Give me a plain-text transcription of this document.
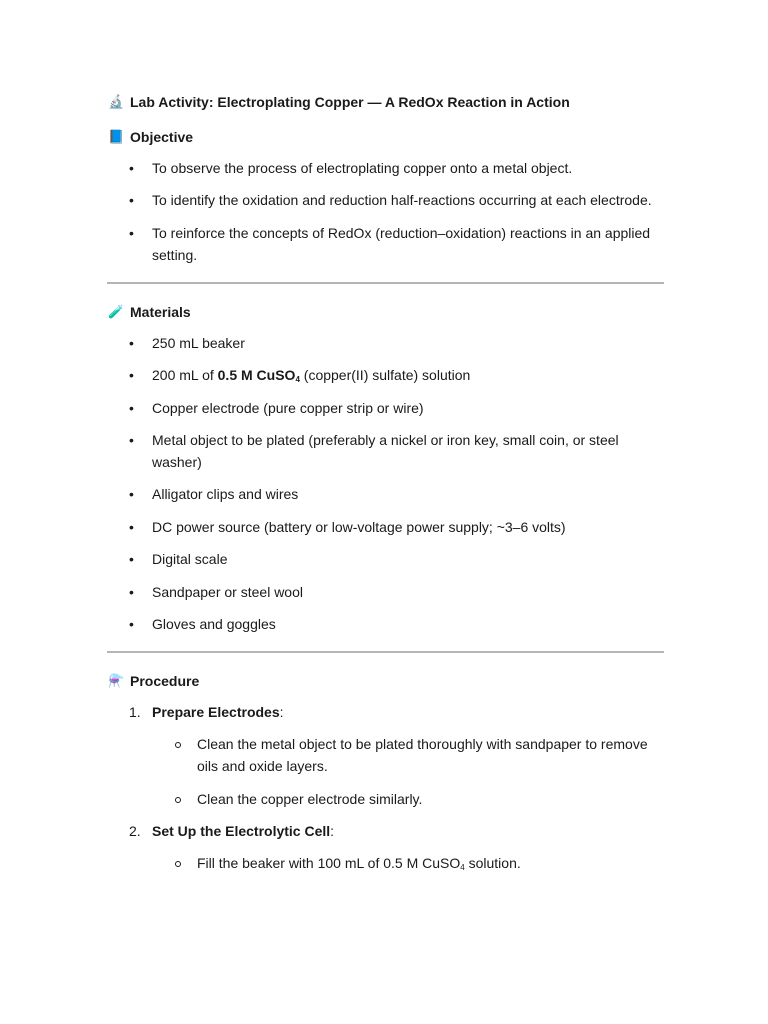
🔬 Lab Activity: Electroplating Copper — A RedOx Reaction in Action
📘 Objective
• To observe the process of electroplating copper onto a metal object.
• To identify the oxidation and reduction half-reactions occurring at each electrode.
• To reinforce the concepts of RedOx (reduction–oxidation) reactions in an applied setting.
🧪 Materials
• 250 mL beaker
• 200 mL of 0.5 M CuSO$_4$ (copper(II) sulfate) solution
• Copper electrode (pure copper strip or wire)
• Metal object to be plated (preferably a nickel or iron key, small coin, or steel washer)
• Alligator clips and wires
• DC power source (battery or low-voltage power supply; ~3–6 volts)
• Digital scale
• Sandpaper or steel wool
• Gloves and goggles
⚗️ Procedure
1. Prepare Electrodes:
Clean the metal object to be plated thoroughly with sandpaper to remove oils and oxide layers.
Clean the copper electrode similarly.
2. Set Up the Electrolytic Cell:
Fill the beaker with 100 mL of 0.5 M CuSO$_4$ solution.
